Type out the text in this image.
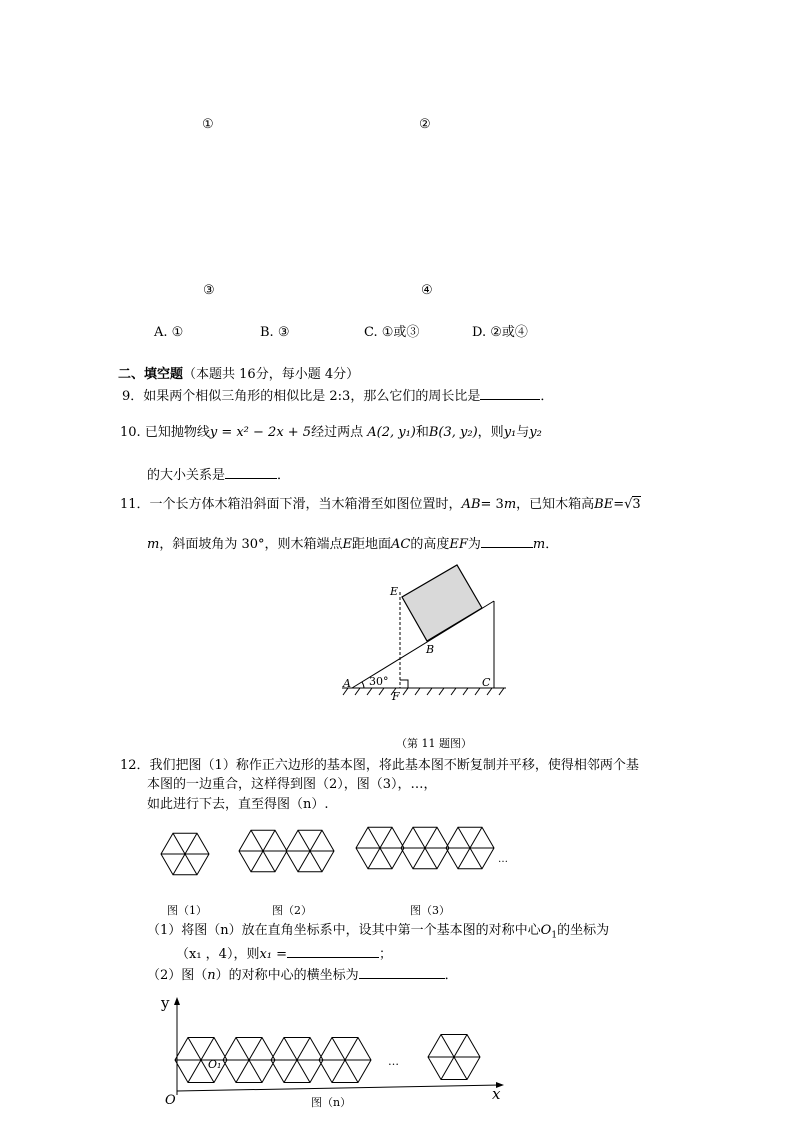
①	②
③	④
A. ①	B. ③	C. ①或③	D. ②或④
二、填空题（本题共 16分，每小题 4分）
9．如果两个相似三角形的相似比是 2:3，那么它们的周长比是	．
10. 已知抛物线y = x² − 2x + 5经过两点 A(2, y₁)和B(3, y₂)，则y₁与y₂
的大小关系是	．
11．一个长方体木箱沿斜面下滑，当木箱滑至如图位置时，AB= 3m，已知木箱高BE=√3
m，斜面坡角为 30°，则木箱端点E距地面AC的高度EF为	m．
E
B
A 30°
F
C
（第 11 题图）
12．我们把图（1）称作正六边形的基本图，将此基本图不断复制并平移，使得相邻两个基
本图的一边重合，这样得到图（2），图（3），…，
如此进行下去，直至得图（n）.
…
图（1）	图（2）	图（3）
（1）将图（n）放在直角坐标系中，设其中第一个基本图的对称中心$O_1$的坐标为
（x₁ ，4），则x₁ =	；
（2）图（n）的对称中心的横坐标为	．
y
x
O
O₁	…
图（n）
